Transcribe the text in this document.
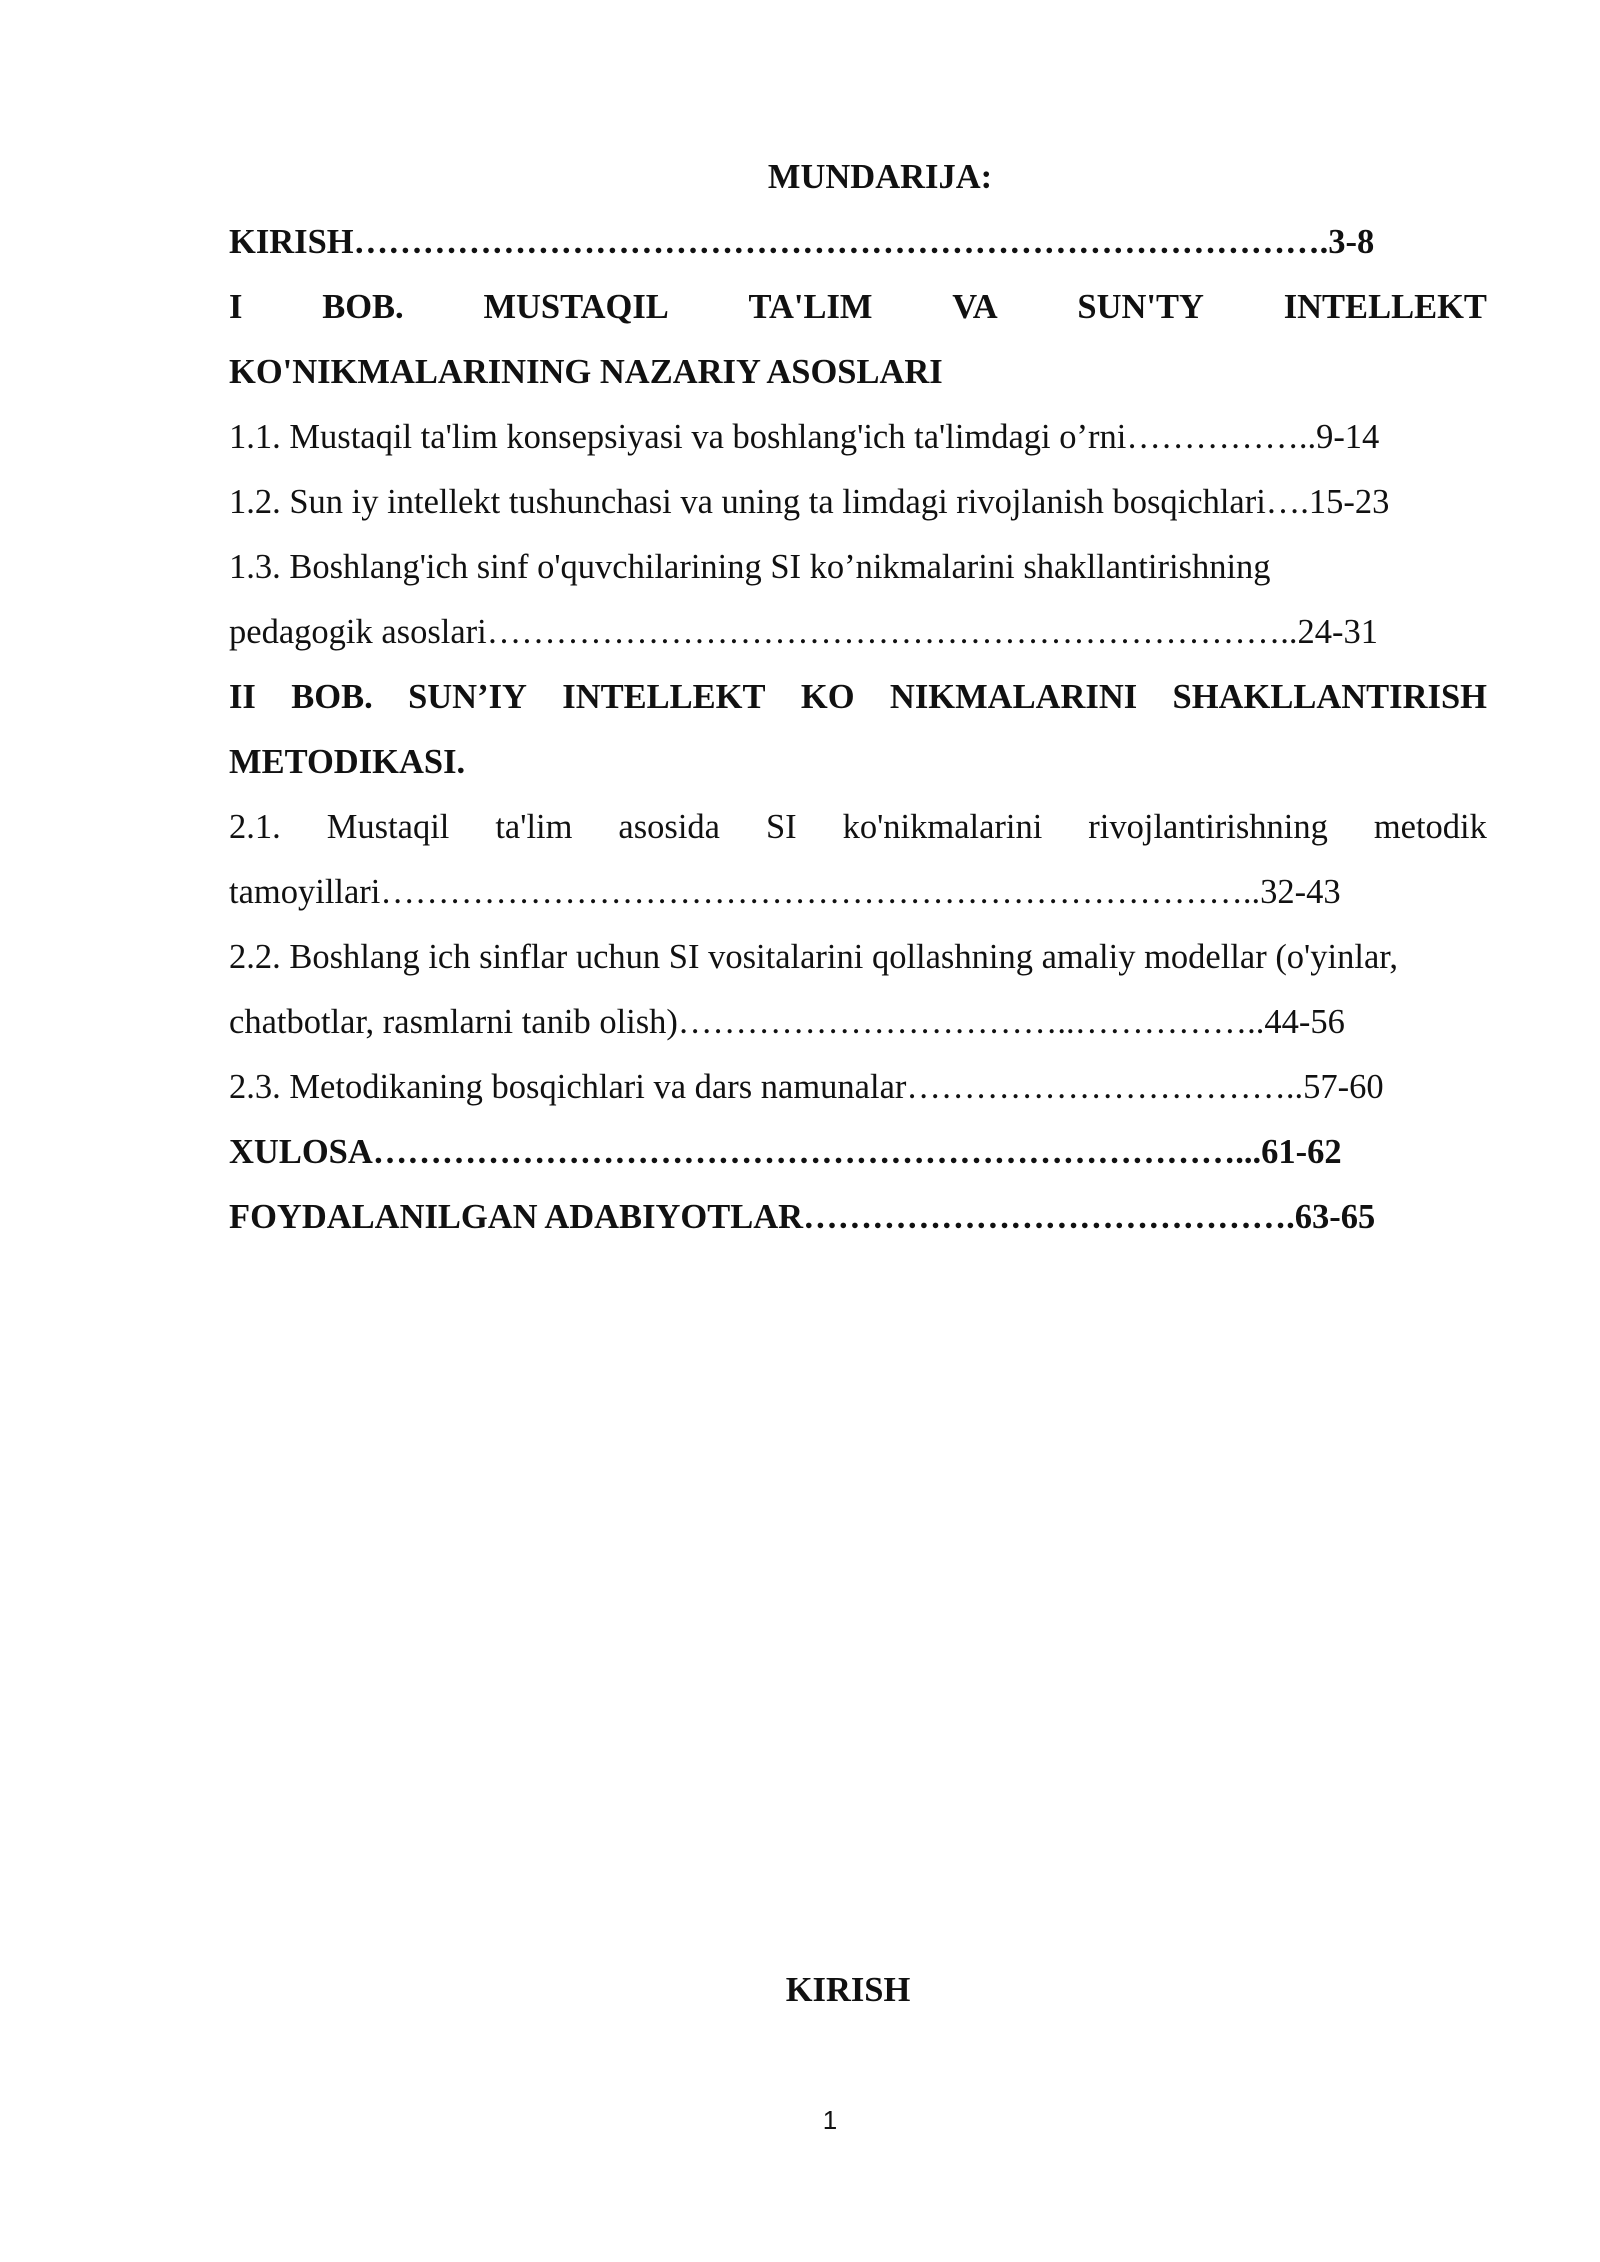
MUNDARIJA:
KIRISH………………………………………………………………………….3-8
I BOB. MUSTAQIL TA'LIM VA SUN'TY INTELLEKT
KO'NIKMALARINING NAZARIY ASOSLARI
1.1. Mustaqil ta'lim konsepsiyasi va boshlang'ich ta'limdagi o’rni……………..9-14
1.2. Sun iy intellekt tushunchasi va uning ta limdagi rivojlanish bosqichlari….15-23
1.3. Boshlang'ich sinf o'quvchilarining SI ko’nikmalarini shakllantirishning
pedagogik asoslari……………………………………………………………..24-31
II BOB. SUN’IY INTELLEKT KO NIKMALARINI SHAKLLANTIRISH
METODIKASI.
2.1. Mustaqil ta'lim asosida SI ko'nikmalarini rivojlantirishning metodik
tamoyillari…………………………………………………………………..32-43
2.2. Boshlang ich sinflar uchun SI vositalarini qollashning amaliy modellar (o'yinlar,
chatbotlar, rasmlarni tanib olish)……………………………..……………..44-56
2.3. Metodikaning bosqichlari va dars namunalar……………………………..57-60
XULOSA…………………………………………………………………...61-62
FOYDALANILGAN ADABIYOTLAR…………………………………….63-65
KIRISH
1
